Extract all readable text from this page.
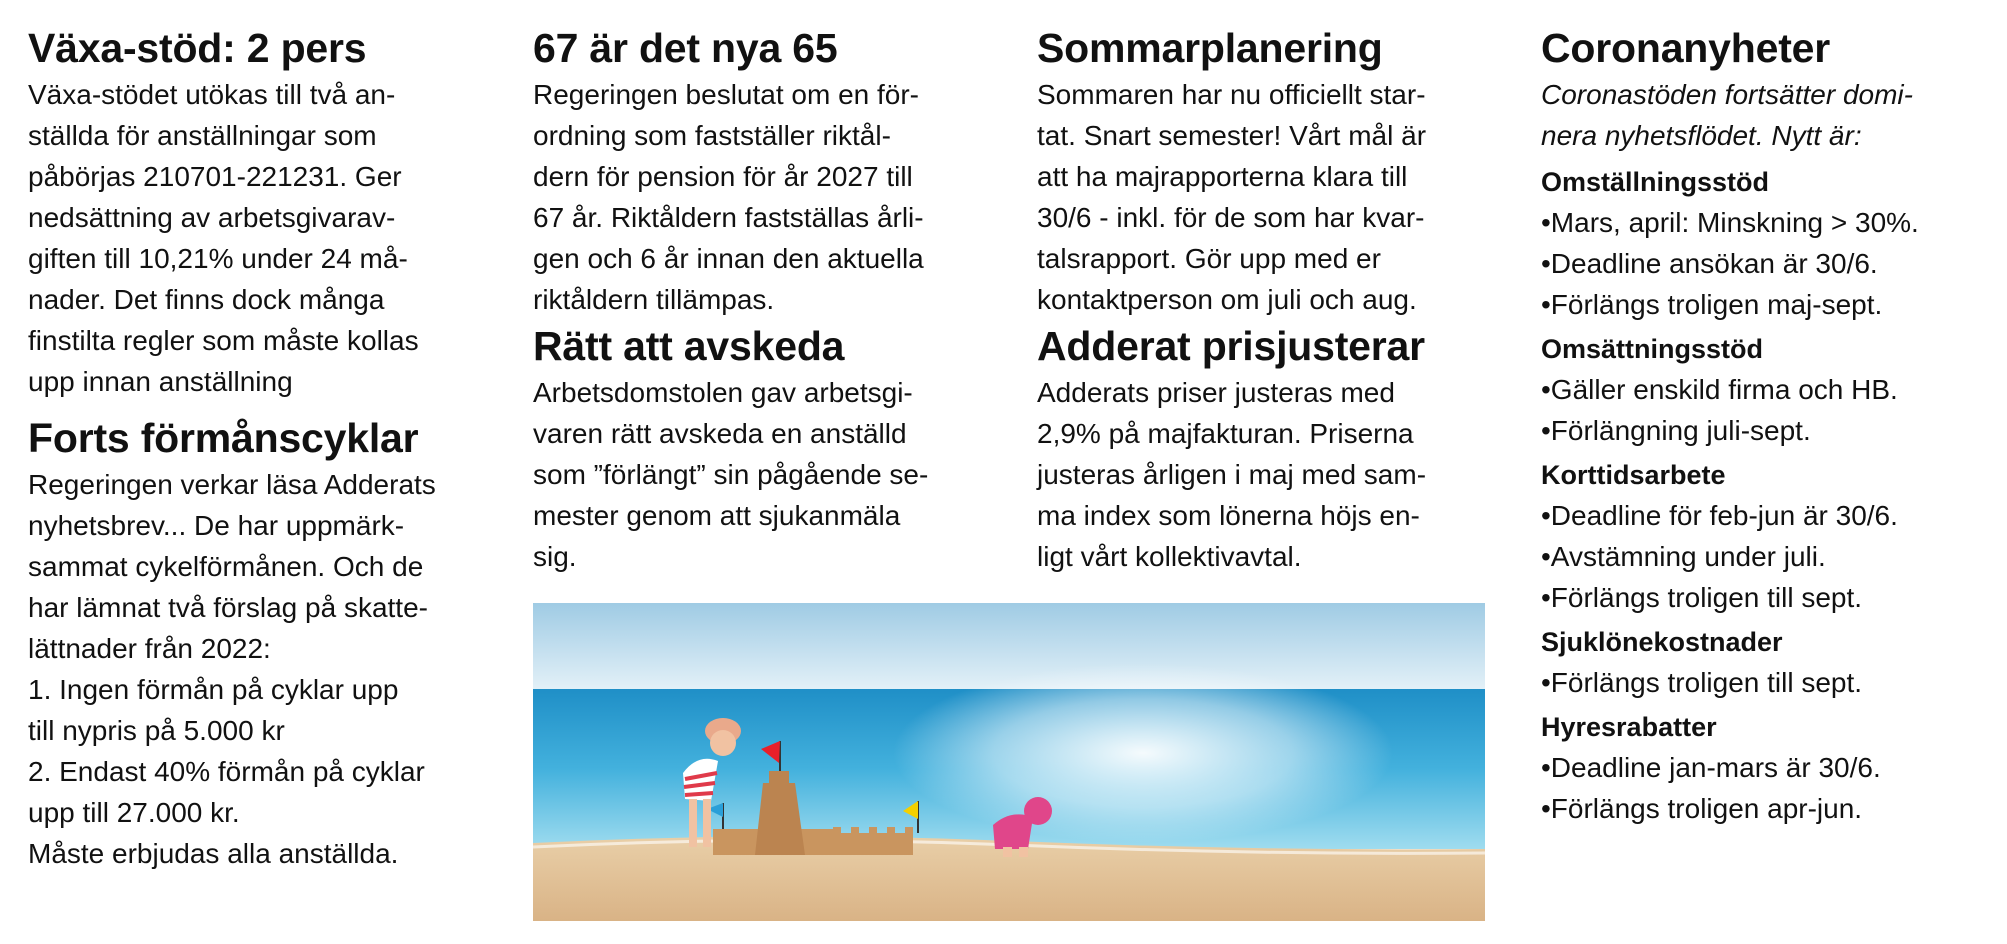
Växa-stöd: 2 pers

Växa-stödet utökas till två an-
ställda för anställningar som
påbörjas 210701-221231. Ger
nedsättning av arbetsgivarav-
giften till 10,21% under 24 må-
nader. Det finns dock många
finstilta regler som måste kollas
upp innan anställning

Forts förmånscyklar

Regeringen verkar läsa Adderats
nyhetsbrev... De har uppmärk-
sammat cykelförmånen. Och de
har lämnat två förslag på skatte-
lättnader från 2022:

1. Ingen förmån på cyklar upp
till nypris på 5.000 kr
2. Endast 40% förmån på cyklar
upp till 27.000 kr.

Måste erbjudas alla anställda.

67 är det nya 65

Regeringen beslutat om en för-
ordning som fastställer riktål-
dern för pension för år 2027 till
67 år. Riktåldern fastställas årli-
gen och 6 år innan den aktuella
riktåldern tillämpas.

Rätt att avskeda

Arbetsdomstolen gav arbetsgi-
varen rätt avskeda en anställd
som ”förlängt” sin pågående se-
mester genom att sjukanmäla
sig.

Sommarplanering

Sommaren har nu officiellt star-
tat. Snart semester! Vårt mål är
att ha majrapporterna klara till
30/6 - inkl. för de som har kvar-
talsrapport. Gör upp med er
kontaktperson om juli och aug.

Adderat prisjusterar

Adderats priser justeras med
2,9% på majfakturan. Priserna
justeras årligen i maj med sam-
ma index som lönerna höjs en-
ligt vårt kollektivavtal.

Coronanyheter
Coronastöden fortsätter domi-
nera nyhetsflödet. Nytt är:
Omställningsstöd
•Mars, april: Minskning > 30%.
•Deadline ansökan är 30/6.
•Förlängs troligen maj-sept.
Omsättningsstöd
•Gäller enskild firma och HB.
•Förlängning juli-sept.
Korttidsarbete
•Deadline för feb-jun är 30/6.
•Avstämning under juli.
•Förlängs troligen till sept.
Sjuklönekostnader
•Förlängs troligen till sept.
Hyresrabatter
•Deadline jan-mars är 30/6.
•Förlängs troligen apr-jun.
